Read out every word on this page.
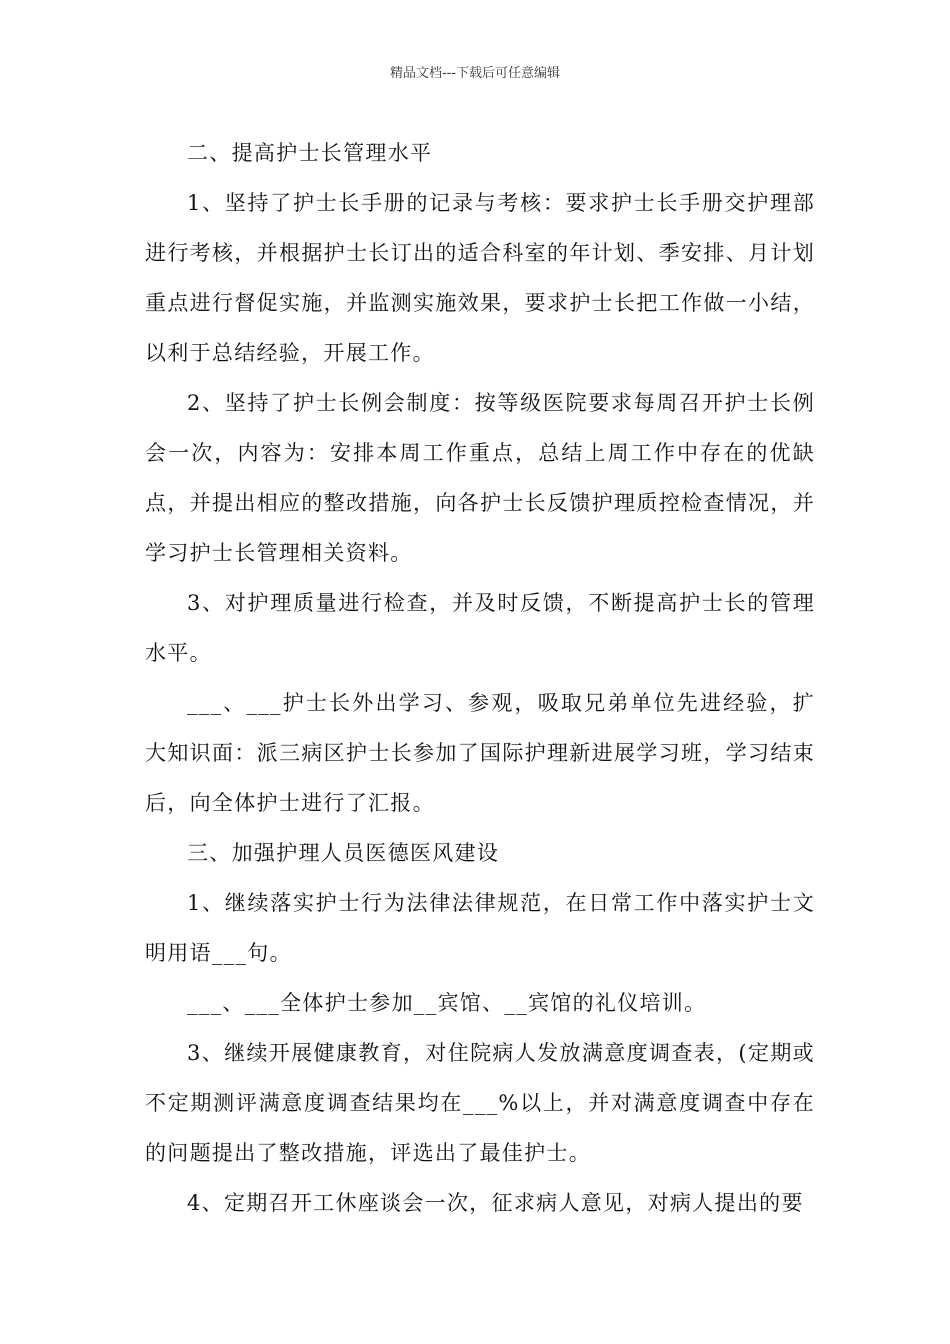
精品文档---下载后可任意编辑

二、提高护士长管理水平

1、坚持了护士长手册的记录与考核：要求护士长手册交护理部进行考核，并根据护士长订出的适合科室的年计划、季安排、月计划重点进行督促实施，并监测实施效果，要求护士长把工作做一小结，以利于总结经验，开展工作。

2、坚持了护士长例会制度：按等级医院要求每周召开护士长例会一次，内容为：安排本周工作重点，总结上周工作中存在的优缺点，并提出相应的整改措施，向各护士长反馈护理质控检查情况，并学习护士长管理相关资料。

3、对护理质量进行检查，并及时反馈，不断提高护士长的管理水平。

___、___护士长外出学习、参观，吸取兄弟单位先进经验，扩大知识面：派三病区护士长参加了国际护理新进展学习班，学习结束后，向全体护士进行了汇报。

三、加强护理人员医德医风建设

1、继续落实护士行为法律法律规范，在日常工作中落实护士文明用语___句。

___、___全体护士参加__宾馆、__宾馆的礼仪培训。

3、继续开展健康教育，对住院病人发放满意度调查表，(定期或不定期测评满意度调查结果均在___%以上，并对满意度调查中存在的问题提出了整改措施，评选出了最佳护士。

4、定期召开工休座谈会一次，征求病人意见，对病人提出的要
